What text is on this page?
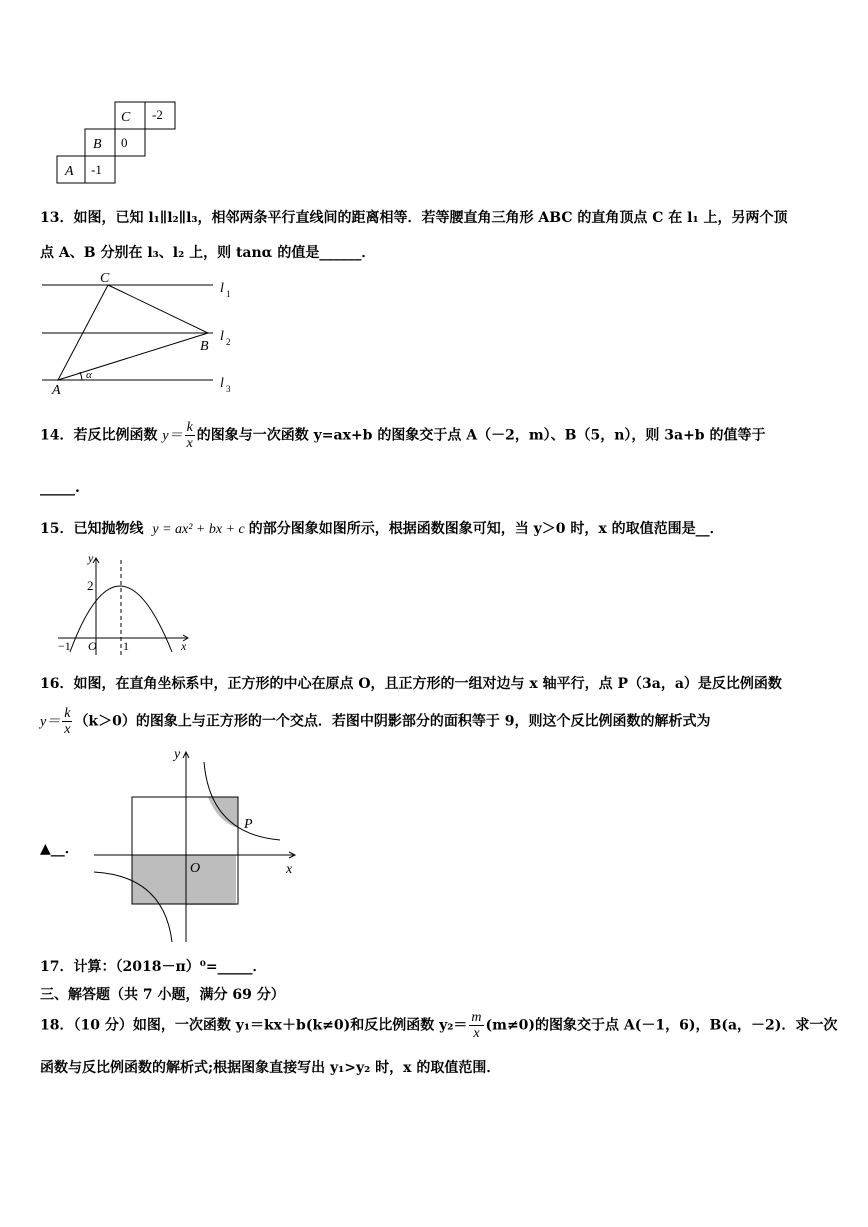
C -2
B 0
A -1
13．如图，已知 l₁∥l₂∥l₃，相邻两条平行直线间的距离相等．若等腰直角三角形 ABC 的直角顶点 C 在 l₁ 上，另两个顶
点 A、B 分别在 l₃、l₂ 上，则 tanα 的值是______．
C
B
A
α
l 1
l 2
l 3
14．若反比例函数 $y= \frac{k}{x}$ 的图象与一次函数 y=ax+b 的图象交于点 A（－2，m）、B（5，n），则 3a+b 的值等于
_____.
15．已知抛物线 y = ax² + bx + c 的部分图象如图所示，根据函数图象可知，当 y＞0 时，x 的取值范围是__．
y
x
2
−1 O 1
16．如图，在直角坐标系中，正方形的中心在原点 O，且正方形的一组对边与 x 轴平行，点 P（3a，a）是反比例函数
$y= \frac{k}{x} (k>0)$的图象上与正方形的一个交点．若图中阴影部分的面积等于 9，则这个反比例函数的解析式为
▲__．
y
x
O
P
17．计算：（2018－π）⁰=_____．
三、解答题（共 7 小题，满分 69 分）
18．（10 分）如图，一次函数 y₁＝kx＋b(k≠0)和反比例函数 $y_2= \frac{m}{x} (m\ne 0)$的图象交于点 A(－1，6)，B(a，－2)．求一次
函数与反比例函数的解析式;根据图象直接写出 y₁>y₂ 时，x 的取值范围．
